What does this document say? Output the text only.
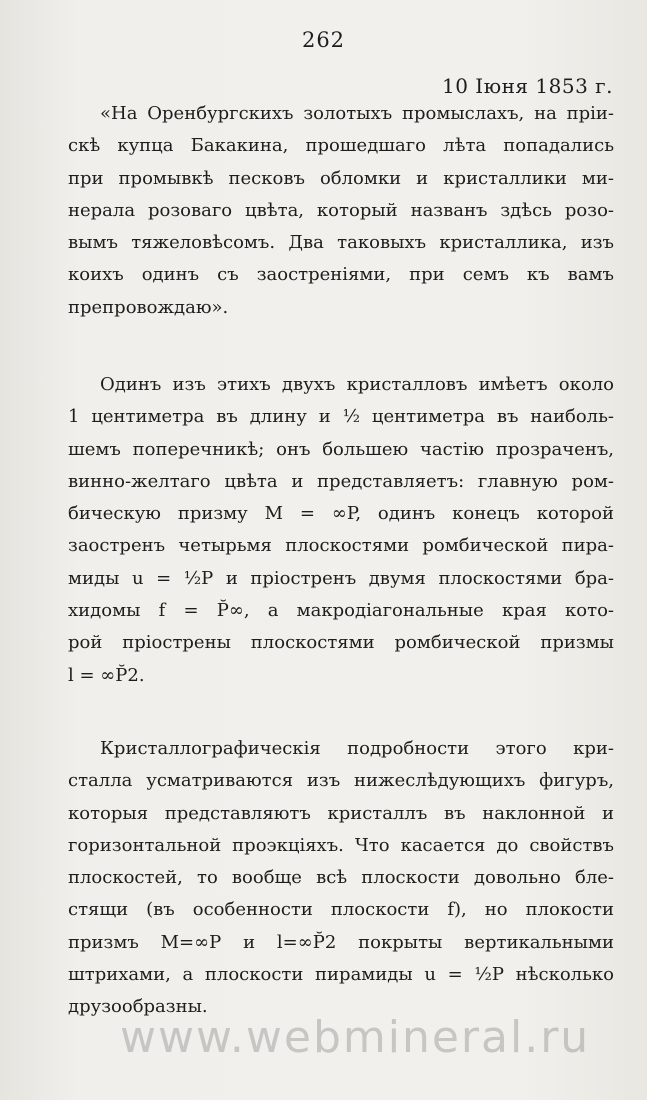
262
10 Іюня 1853 г.
«На Оренбургскихъ золотыхъ промыслахъ, на пріи-
скѣ купца Бакакина, прошедшаго лѣта попадались
при промывкѣ песковъ обломки и кристаллики ми-
нерала розоваго цвѣта, который названъ здѣсь розо-
вымъ тяжеловѣсомъ. Два таковыхъ кристаллика, изъ
коихъ одинъ съ заостреніями, при семъ къ вамъ
препровождаю».
Одинъ изъ этихъ двухъ кристалловъ имѣетъ около
1 центиметра въ длину и ½ центиметра въ наиболь-
шемъ поперечникѣ; онъ большею частію прозраченъ,
винно-желтаго цвѣта и представляетъ: главную ром-
бическую призму M = ∞P, одинъ конецъ которой
заостренъ четырьмя плоскостями ромбической пира-
миды u = ½P и пріостренъ двумя плоскостями бра-
хидомы f = P̆∞, а макродіагональные края кото-
рой пріострены плоскостями ромбической призмы
l = ∞P̆2.
Кристаллографическія подробности этого кри-
сталла усматриваются изъ нижеслѣдующихъ фигуръ,
которыя представляютъ кристаллъ въ наклонной и
горизонтальной проэкціяхъ. Что касается до свойствъ
плоскостей, то вообще всѣ плоскости довольно бле-
стящи (въ особенности плоскости f), но плокости
призмъ M=∞P и l=∞P̆2 покрыты вертикальными
штрихами, а плоскости пирамиды u = ½P нѣсколько
друзообразны.
www.webmineral.ru
